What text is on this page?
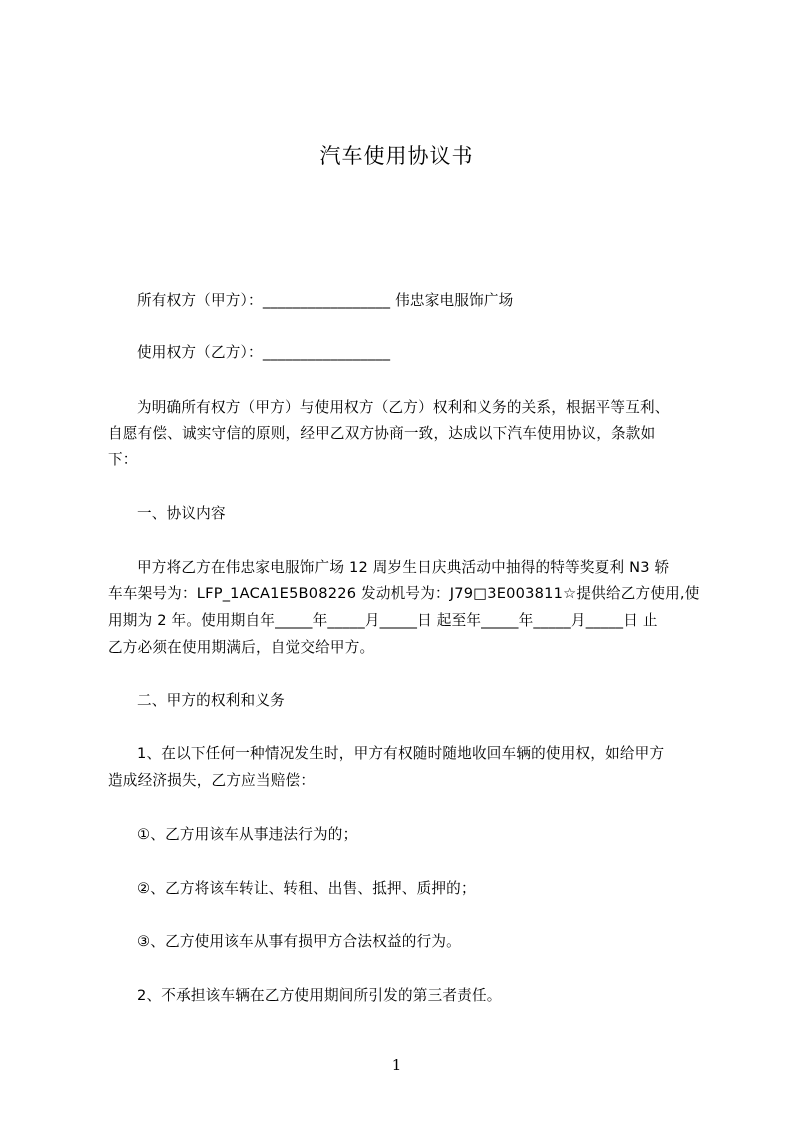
汽车使用协议书
所有权方（甲方）：_________________ 伟忠家电服饰广场
使用权方（乙方）：_________________
为明确所有权方（甲方）与使用权方（乙方）权利和义务的关系，根据平等互利、
自愿有偿、诚实守信的原则，经甲乙双方协商一致，达成以下汽车使用协议，条款如
下：
一、协议内容
甲方将乙方在伟忠家电服饰广场 12 周岁生日庆典活动中抽得的特等奖夏利 N3 轿
车车架号为：LFP_1ACA1E5B08226 发动机号为：J79□3E003811☆提供给乙方使用,使
用期为 2 年。使用期自年_____年_____月_____日 起至年_____年_____月_____日 止
乙方必须在使用期满后，自觉交给甲方。
二、甲方的权利和义务
1、在以下任何一种情况发生时，甲方有权随时随地收回车辆的使用权，如给甲方
造成经济损失，乙方应当赔偿：
①、乙方用该车从事违法行为的；
②、乙方将该车转让、转租、出售、抵押、质押的；
③、乙方使用该车从事有损甲方合法权益的行为。
2、不承担该车辆在乙方使用期间所引发的第三者责任。
1
